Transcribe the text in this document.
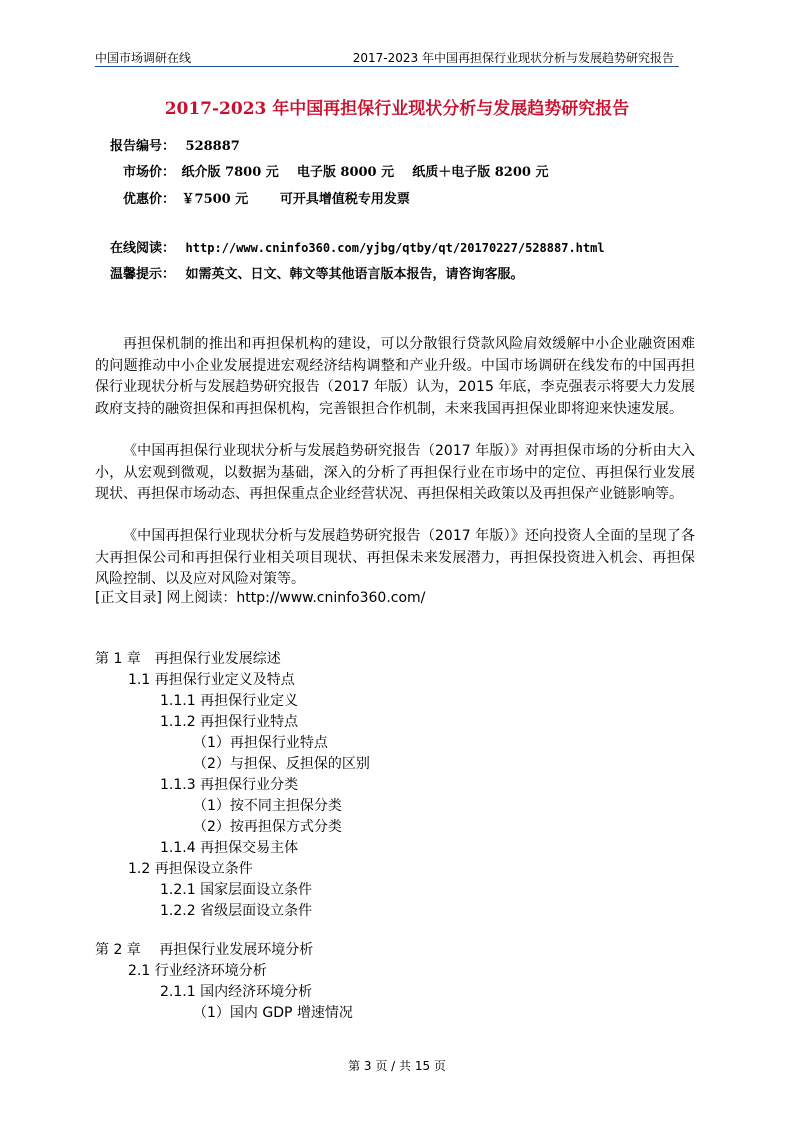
中国市场调研在线	2017-2023 年中国再担保行业现状分析与发展趋势研究报告
2017-2023 年中国再担保行业现状分析与发展趋势研究报告
报告编号： 528887
市场价： 纸介版 7800 元    电子版 8000 元    纸质＋电子版 8200 元
优惠价： ￥7500 元       可开具增值税专用发票
在线阅读： http://www.cninfo360.com/yjbg/qtby/qt/20170227/528887.html
温馨提示： 如需英文、日文、韩文等其他语言版本报告，请咨询客服。
再担保机制的推出和再担保机构的建设，可以分散银行贷款风险肩效缓解中小企业融资困难的问题推动中小企业发展提进宏观经济结构调整和产业升级。中国市场调研在线发布的中国再担保行业现状分析与发展趋势研究报告（2017 年版）认为，2015 年底，李克强表示将要大力发展政府支持的融资担保和再担保机构，完善银担合作机制，未来我国再担保业即将迎来快速发展。
《中国再担保行业现状分析与发展趋势研究报告（2017 年版）》对再担保市场的分析由大入小，从宏观到微观，以数据为基础，深入的分析了再担保行业在市场中的定位、再担保行业发展现状、再担保市场动态、再担保重点企业经营状况、再担保相关政策以及再担保产业链影响等。
《中国再担保行业现状分析与发展趋势研究报告（2017 年版）》还向投资人全面的呈现了各大再担保公司和再担保行业相关项目现状、再担保未来发展潜力，再担保投资进入机会、再担保风险控制、以及应对风险对策等。
[正文目录] 网上阅读：http://www.cninfo360.com/
第 1 章　再担保行业发展综述
1.1 再担保行业定义及特点
1.1.1 再担保行业定义
1.1.2 再担保行业特点
（1）再担保行业特点
（2）与担保、反担保的区别
1.1.3 再担保行业分类
（1）按不同主担保分类
（2）按再担保方式分类
1.1.4 再担保交易主体
1.2 再担保设立条件
1.2.1 国家层面设立条件
1.2.2 省级层面设立条件
第 2 章　 再担保行业发展环境分析
2.1 行业经济环境分析
2.1.1 国内经济环境分析
（1）国内 GDP 增速情况
第 3 页 / 共 15 页
